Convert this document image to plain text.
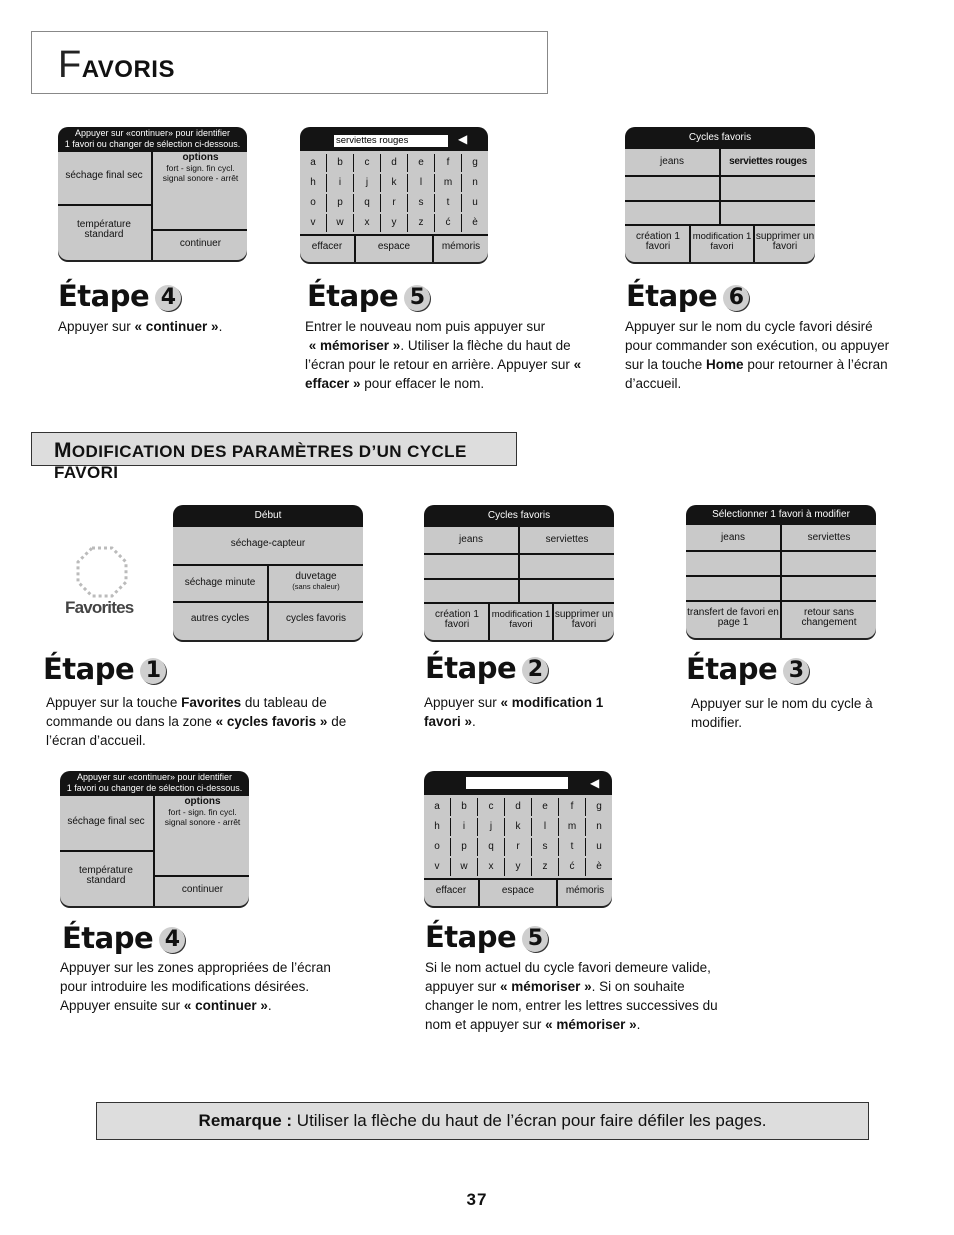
FAVORIS
Appuyer sur «continuer» pour identifier
1 favori ou changer de sélection ci-dessous.
séchage final sec
température standard
options
fort - sign. fin cycl.
signal sonore - arrêt
continuer
serviettes rouges	◀
a	b	c	d	e	f	g
h	i	j	k	l	m	n
o	p	q	r	s	t	u
v	w	x	y	z	ć	è
effacer	espace	mémoris
Cycles favoris
jeans	serviettes rouges
création 1 favori
modification 1 favori
supprimer un favori
Étape 4	Étape 5	Étape 6
Appuyer sur « continuer ».	Entrer le nouveau nom puis appuyer sur
« mémoriser ». Utiliser la flèche du haut de l’écran pour le retour en arrière. Appuyer sur « effacer » pour effacer le nom.
Appuyer sur le nom du cycle favori désiré pour commander son exécution, ou appuyer sur la touche Home pour retourner à l’écran d’accueil.
MODIFICATION DES PARAMÈTRES D’UN CYCLE FAVORI
Favorites
Début
séchage-capteur
séchage minute
duvetage
(sans chaleur)
autres cycles	cycles favoris
Cycles favoris
jeans	serviettes
création 1 favori
modification 1 favori
supprimer un favori
Sélectionner 1 favori à modifier
jeans	serviettes
transfert de favori en page 1
retour sans changement
Étape 1	Étape 2	Étape 3
Appuyer sur la touche Favorites du tableau de commande ou dans la zone « cycles favoris » de l’écran d’accueil.
Appuyer sur « modification 1 favori ».
Appuyer sur le nom du cycle à modifier.
Appuyer sur «continuer» pour identifier
1 favori ou changer de sélection ci-dessous.
séchage final sec
température standard
options
fort - sign. fin cycl.
signal sonore - arrêt
continuer
◀
a	b	c	d	e	f	g
h	i	j	k	l	m	n
o	p	q	r	s	t	u
v	w	x	y	z	ć	è
effacer	espace	mémoris
Étape 4	Étape 5
Appuyer sur les zones appropriées de l’écran pour introduire les modifications désirées. Appuyer ensuite sur « continuer ».
Si le nom actuel du cycle favori demeure valide, appuyer sur « mémoriser ». Si on souhaite changer le nom, entrer les lettres successives du nom et appuyer sur « mémoriser ».
Remarque : Utiliser la flèche du haut de l’écran pour faire défiler les pages.
37
